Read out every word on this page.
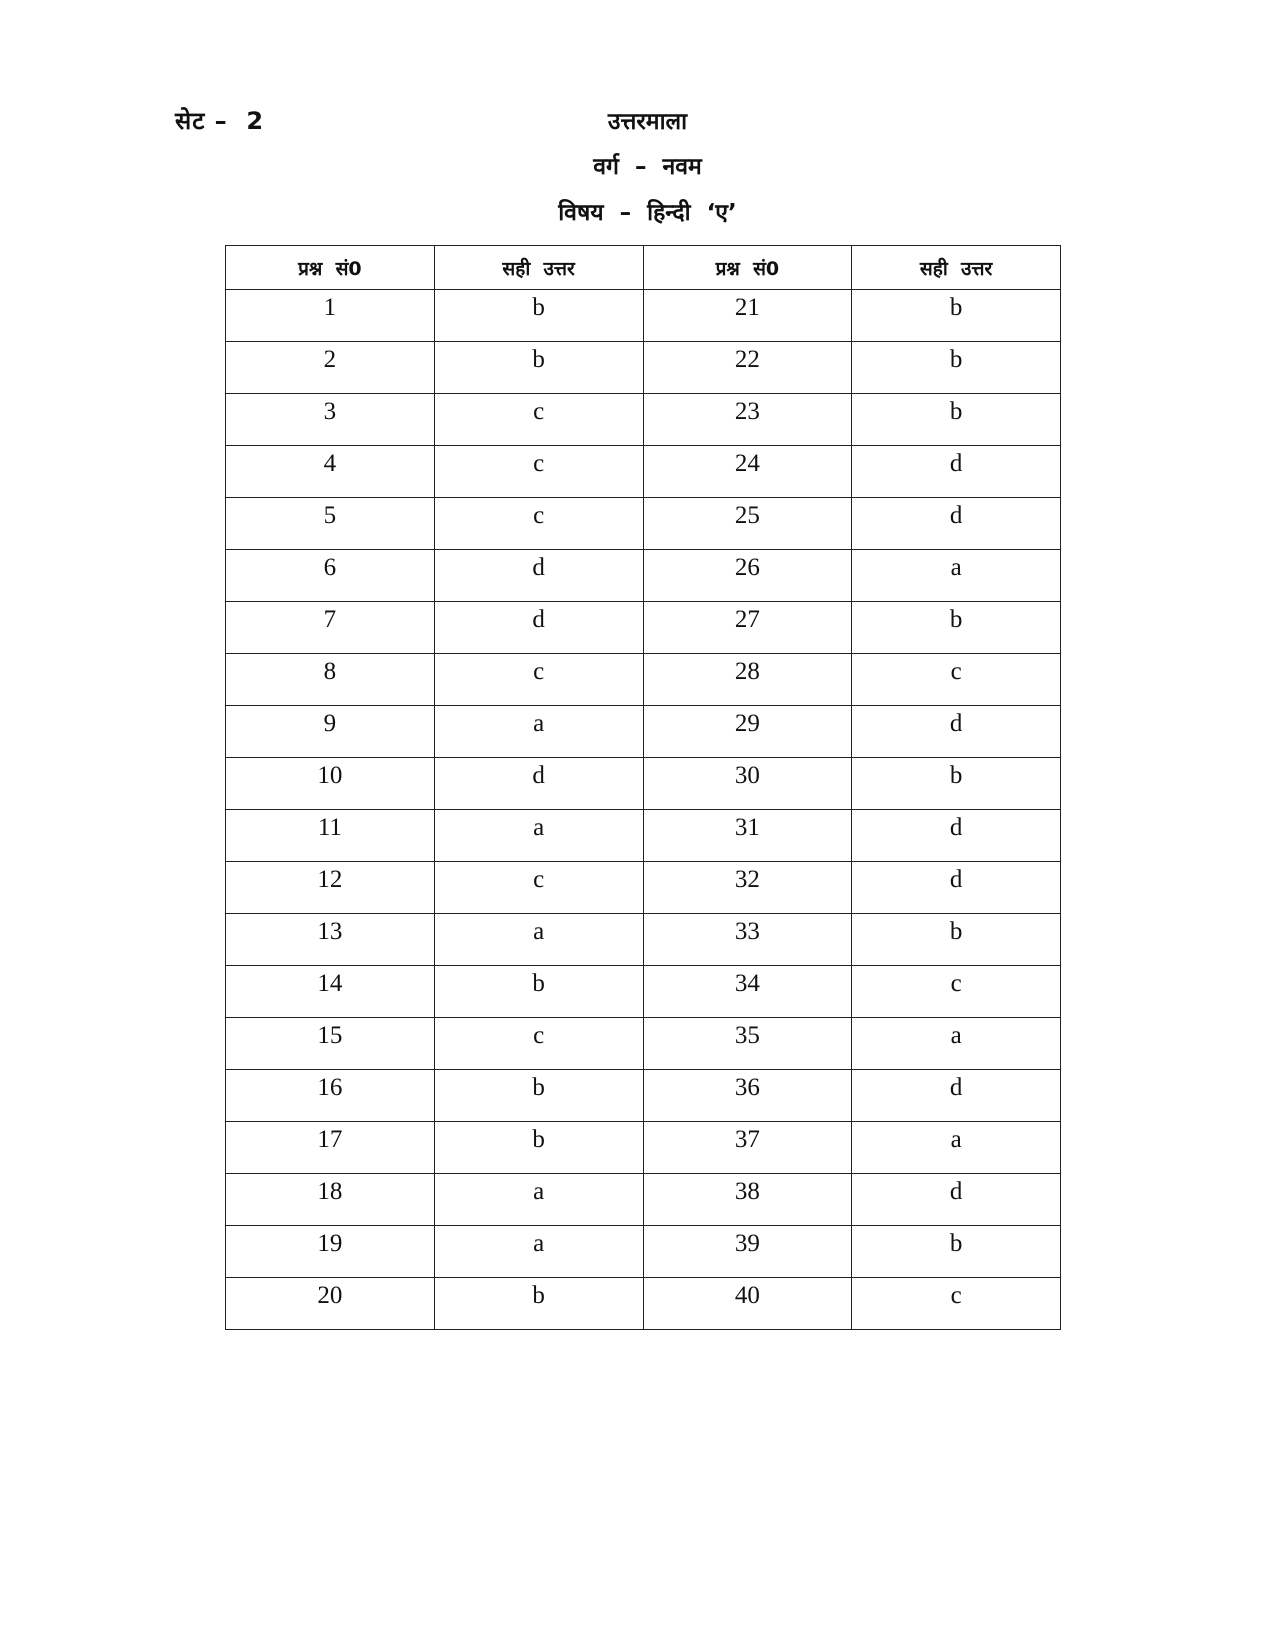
सेट –  2	उत्तरमाला
वर्ग  –  नवम
विषय  –  हिन्दी  ‘ए’
प्रश्न  सं0	सही  उत्तर	प्रश्न  सं0	सही  उत्तर
1	b	21	b
2	b	22	b
3	c	23	b
4	c	24	d
5	c	25	d
6	d	26	a
7	d	27	b
8	c	28	c
9	a	29	d
10	d	30	b
11	a	31	d
12	c	32	d
13	a	33	b
14	b	34	c
15	c	35	a
16	b	36	d
17	b	37	a
18	a	38	d
19	a	39	b
20	b	40	c
